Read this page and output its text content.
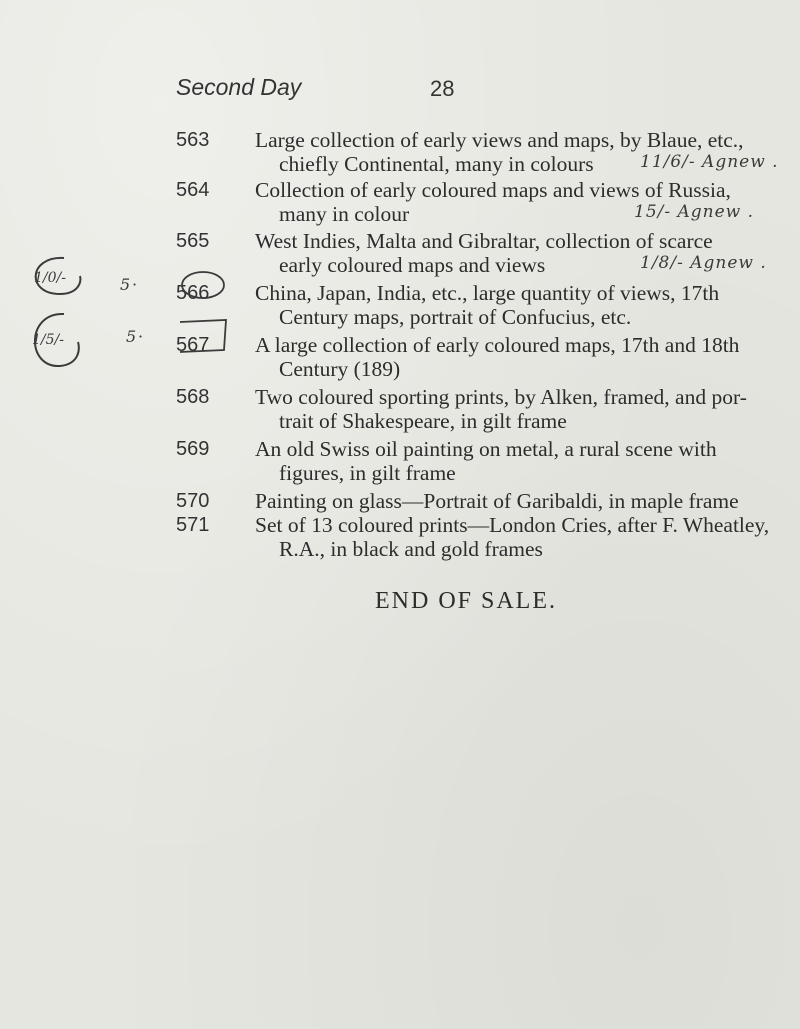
Second Day	28
563	Large collection of early views and maps, by Blaue, etc.,
chiefly Continental, many in colours	11/6/- Agnew .
564	Collection of early coloured maps and views of Russia,
many in colour	15/- Agnew .
565	West Indies, Malta and Gibraltar, collection of scarce
early coloured maps and views	1/8/- Agnew .
566	China, Japan, India, etc., large quantity of views, 17th
Century maps, portrait of Confucius, etc.
567	A large collection of early coloured maps, 17th and 18th
Century (189)
568	Two coloured sporting prints, by Alken, framed, and por-
trait of Shakespeare, in gilt frame
569	An old Swiss oil painting on metal, a rural scene with
figures, in gilt frame
570	Painting on glass—Portrait of Garibaldi, in maple frame
571	Set of 13 coloured prints—London Cries, after F. Wheatley,
R.A., in black and gold frames
1/0/-	5 ·
1/5/-	5 ·
END OF SALE.
